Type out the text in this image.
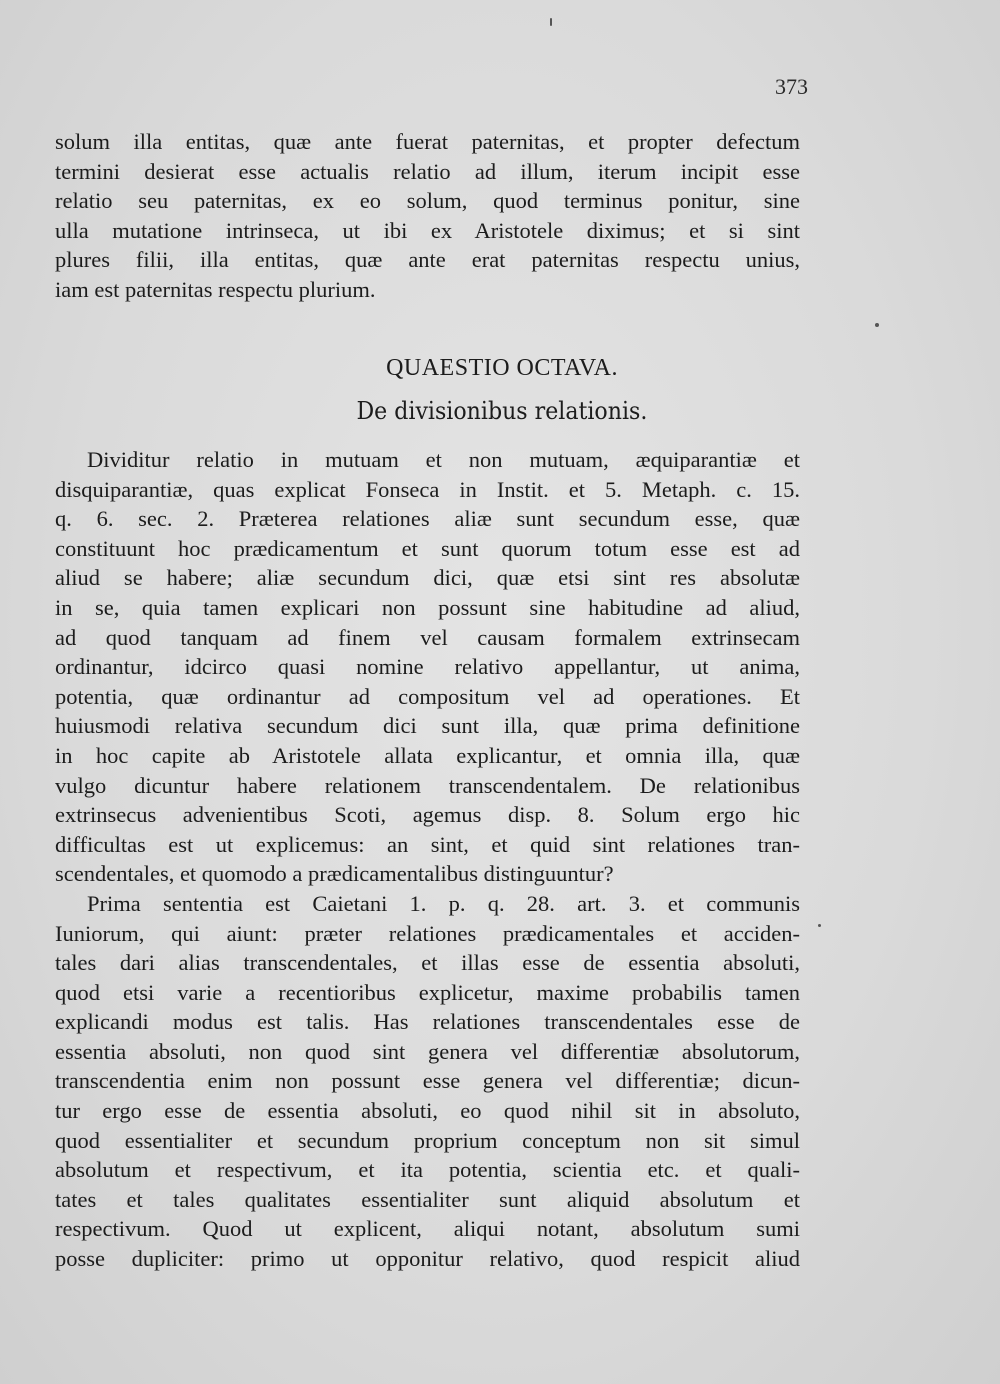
373
solum illa entitas, quæ ante fuerat paternitas, et propter defectum
termini desierat esse actualis relatio ad illum, iterum incipit esse
relatio seu paternitas, ex eo solum, quod terminus ponitur, sine
ulla mutatione intrinseca, ut ibi ex Aristotele diximus; et si sint
plures filii, illa entitas, quæ ante erat paternitas respectu unius,
iam est paternitas respectu plurium.
QUAESTIO OCTAVA.
De divisionibus relationis.
Dividitur relatio in mutuam et non mutuam, æquiparantiæ et
disquiparantiæ, quas explicat Fonseca in Instit. et 5. Metaph. c. 15.
q. 6. sec. 2. Præterea relationes aliæ sunt secundum esse, quæ
constituunt hoc prædicamentum et sunt quorum totum esse est ad
aliud se habere; aliæ secundum dici, quæ etsi sint res absolutæ
in se, quia tamen explicari non possunt sine habitudine ad aliud,
ad quod tanquam ad finem vel causam formalem extrinsecam
ordinantur, idcirco quasi nomine relativo appellantur, ut anima,
potentia, quæ ordinantur ad compositum vel ad operationes. Et
huiusmodi relativa secundum dici sunt illa, quæ prima definitione
in hoc capite ab Aristotele allata explicantur, et omnia illa, quæ
vulgo dicuntur habere relationem transcendentalem. De relationibus
extrinsecus advenientibus Scoti, agemus disp. 8. Solum ergo hic
difficultas est ut explicemus: an sint, et quid sint relationes tran-
scendentales, et quomodo a prædicamentalibus distinguuntur?
Prima sententia est Caietani 1. p. q. 28. art. 3. et communis
Iuniorum, qui aiunt: præter relationes prædicamentales et acciden-
tales dari alias transcendentales, et illas esse de essentia absoluti,
quod etsi varie a recentioribus explicetur, maxime probabilis tamen
explicandi modus est talis. Has relationes transcendentales esse de
essentia absoluti, non quod sint genera vel differentiæ absolutorum,
transcendentia enim non possunt esse genera vel differentiæ; dicun-
tur ergo esse de essentia absoluti, eo quod nihil sit in absoluto,
quod essentialiter et secundum proprium conceptum non sit simul
absolutum et respectivum, et ita potentia, scientia etc. et quali-
tates et tales qualitates essentialiter sunt aliquid absolutum et
respectivum. Quod ut explicent, aliqui notant, absolutum sumi
posse dupliciter: primo ut opponitur relativo, quod respicit aliud
